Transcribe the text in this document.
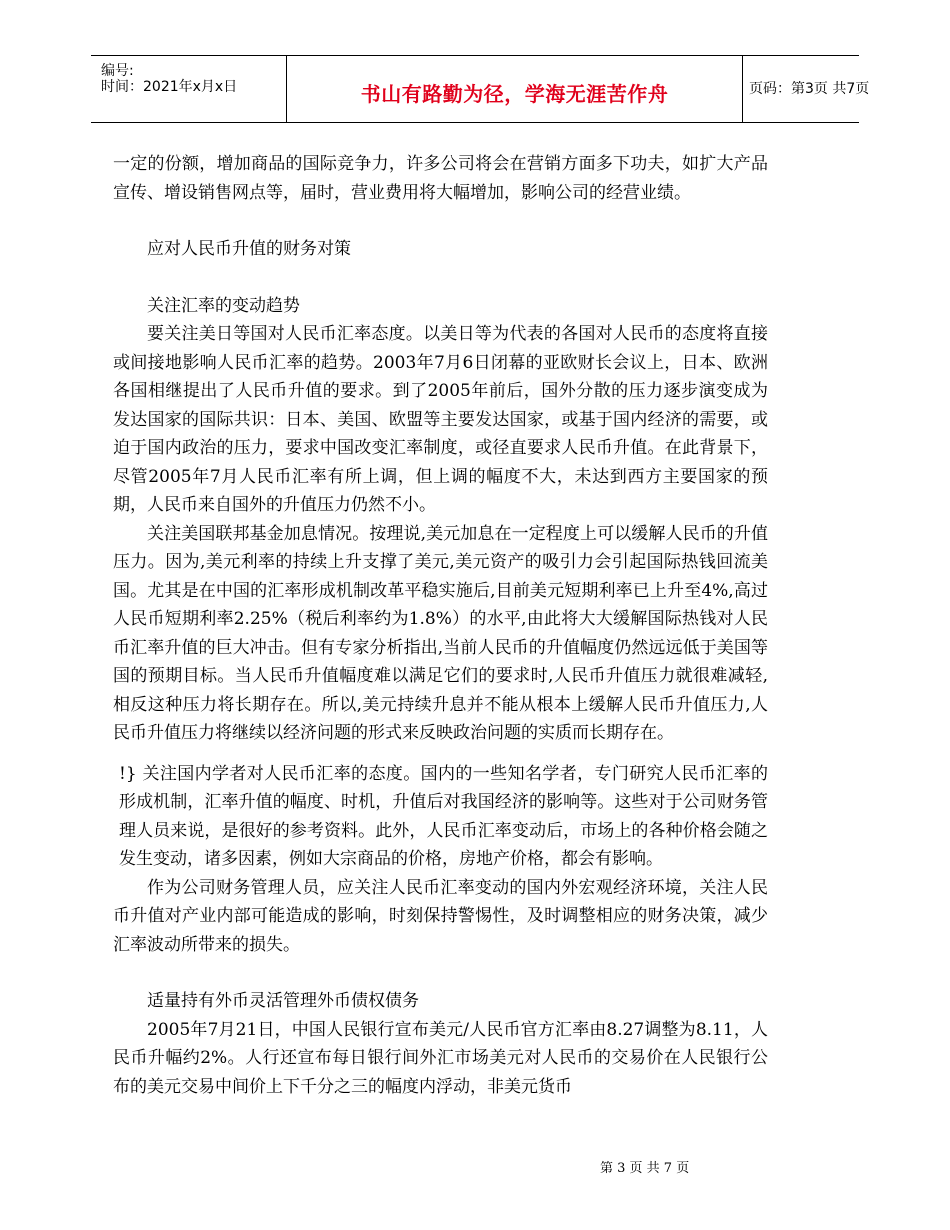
编号:
时间：2021年x月x日	书山有路勤为径，学海无涯苦作舟	页码：第3页 共7页

一定的份额，增加商品的国际竞争力，许多公司将会在营销方面多下功夫，如扩大产品宣传、增设销售网点等，届时，营业费用将大幅增加，影响公司的经营业绩。

应对人民币升值的财务对策

关注汇率的变动趋势

要关注美日等国对人民币汇率态度。以美日等为代表的各国对人民币的态度将直接或间接地影响人民币汇率的趋势。2003年7月6日闭幕的亚欧财长会议上，日本、欧洲各国相继提出了人民币升值的要求。到了2005年前后，国外分散的压力逐步演变成为发达国家的国际共识：日本、美国、欧盟等主要发达国家，或基于国内经济的需要，或迫于国内政治的压力，要求中国改变汇率制度，或径直要求人民币升值。在此背景下，尽管2005年7月人民币汇率有所上调，但上调的幅度不大，未达到西方主要国家的预期，人民币来自国外的升值压力仍然不小。

关注美国联邦基金加息情况。按理说,美元加息在一定程度上可以缓解人民币的升值压力。因为,美元利率的持续上升支撑了美元,美元资产的吸引力会引起国际热钱回流美国。尤其是在中国的汇率形成机制改革平稳实施后,目前美元短期利率已上升至4%,高过人民币短期利率2.25%（税后利率约为1.8%）的水平,由此将大大缓解国际热钱对人民币汇率升值的巨大冲击。但有专家分析指出,当前人民币的升值幅度仍然远远低于美国等国的预期目标。当人民币升值幅度难以满足它们的要求时,人民币升值压力就很难减轻,相反这种压力将长期存在。所以,美元持续升息并不能从根本上缓解人民币升值压力,人民币升值压力将继续以经济问题的形式来反映政治问题的实质而长期存在。

!} 关注国内学者对人民币汇率的态度。国内的一些知名学者，专门研究人民币汇率的形成机制，汇率升值的幅度、时机，升值后对我国经济的影响等。这些对于公司财务管理人员来说，是很好的参考资料。此外，人民币汇率变动后，市场上的各种价格会随之发生变动，诸多因素，例如大宗商品的价格，房地产价格，都会有影响。

作为公司财务管理人员，应关注人民币汇率变动的国内外宏观经济环境，关注人民币升值对产业内部可能造成的影响，时刻保持警惕性，及时调整相应的财务决策，减少汇率波动所带来的损失。

适量持有外币灵活管理外币债权债务

2005年7月21日，中国人民银行宣布美元/人民币官方汇率由8.27调整为8.11，人民币升幅约2%。人行还宣布每日银行间外汇市场美元对人民币的交易价在人民银行公布的美元交易中间价上下千分之三的幅度内浮动，非美元货币

第 3 页 共 7 页
